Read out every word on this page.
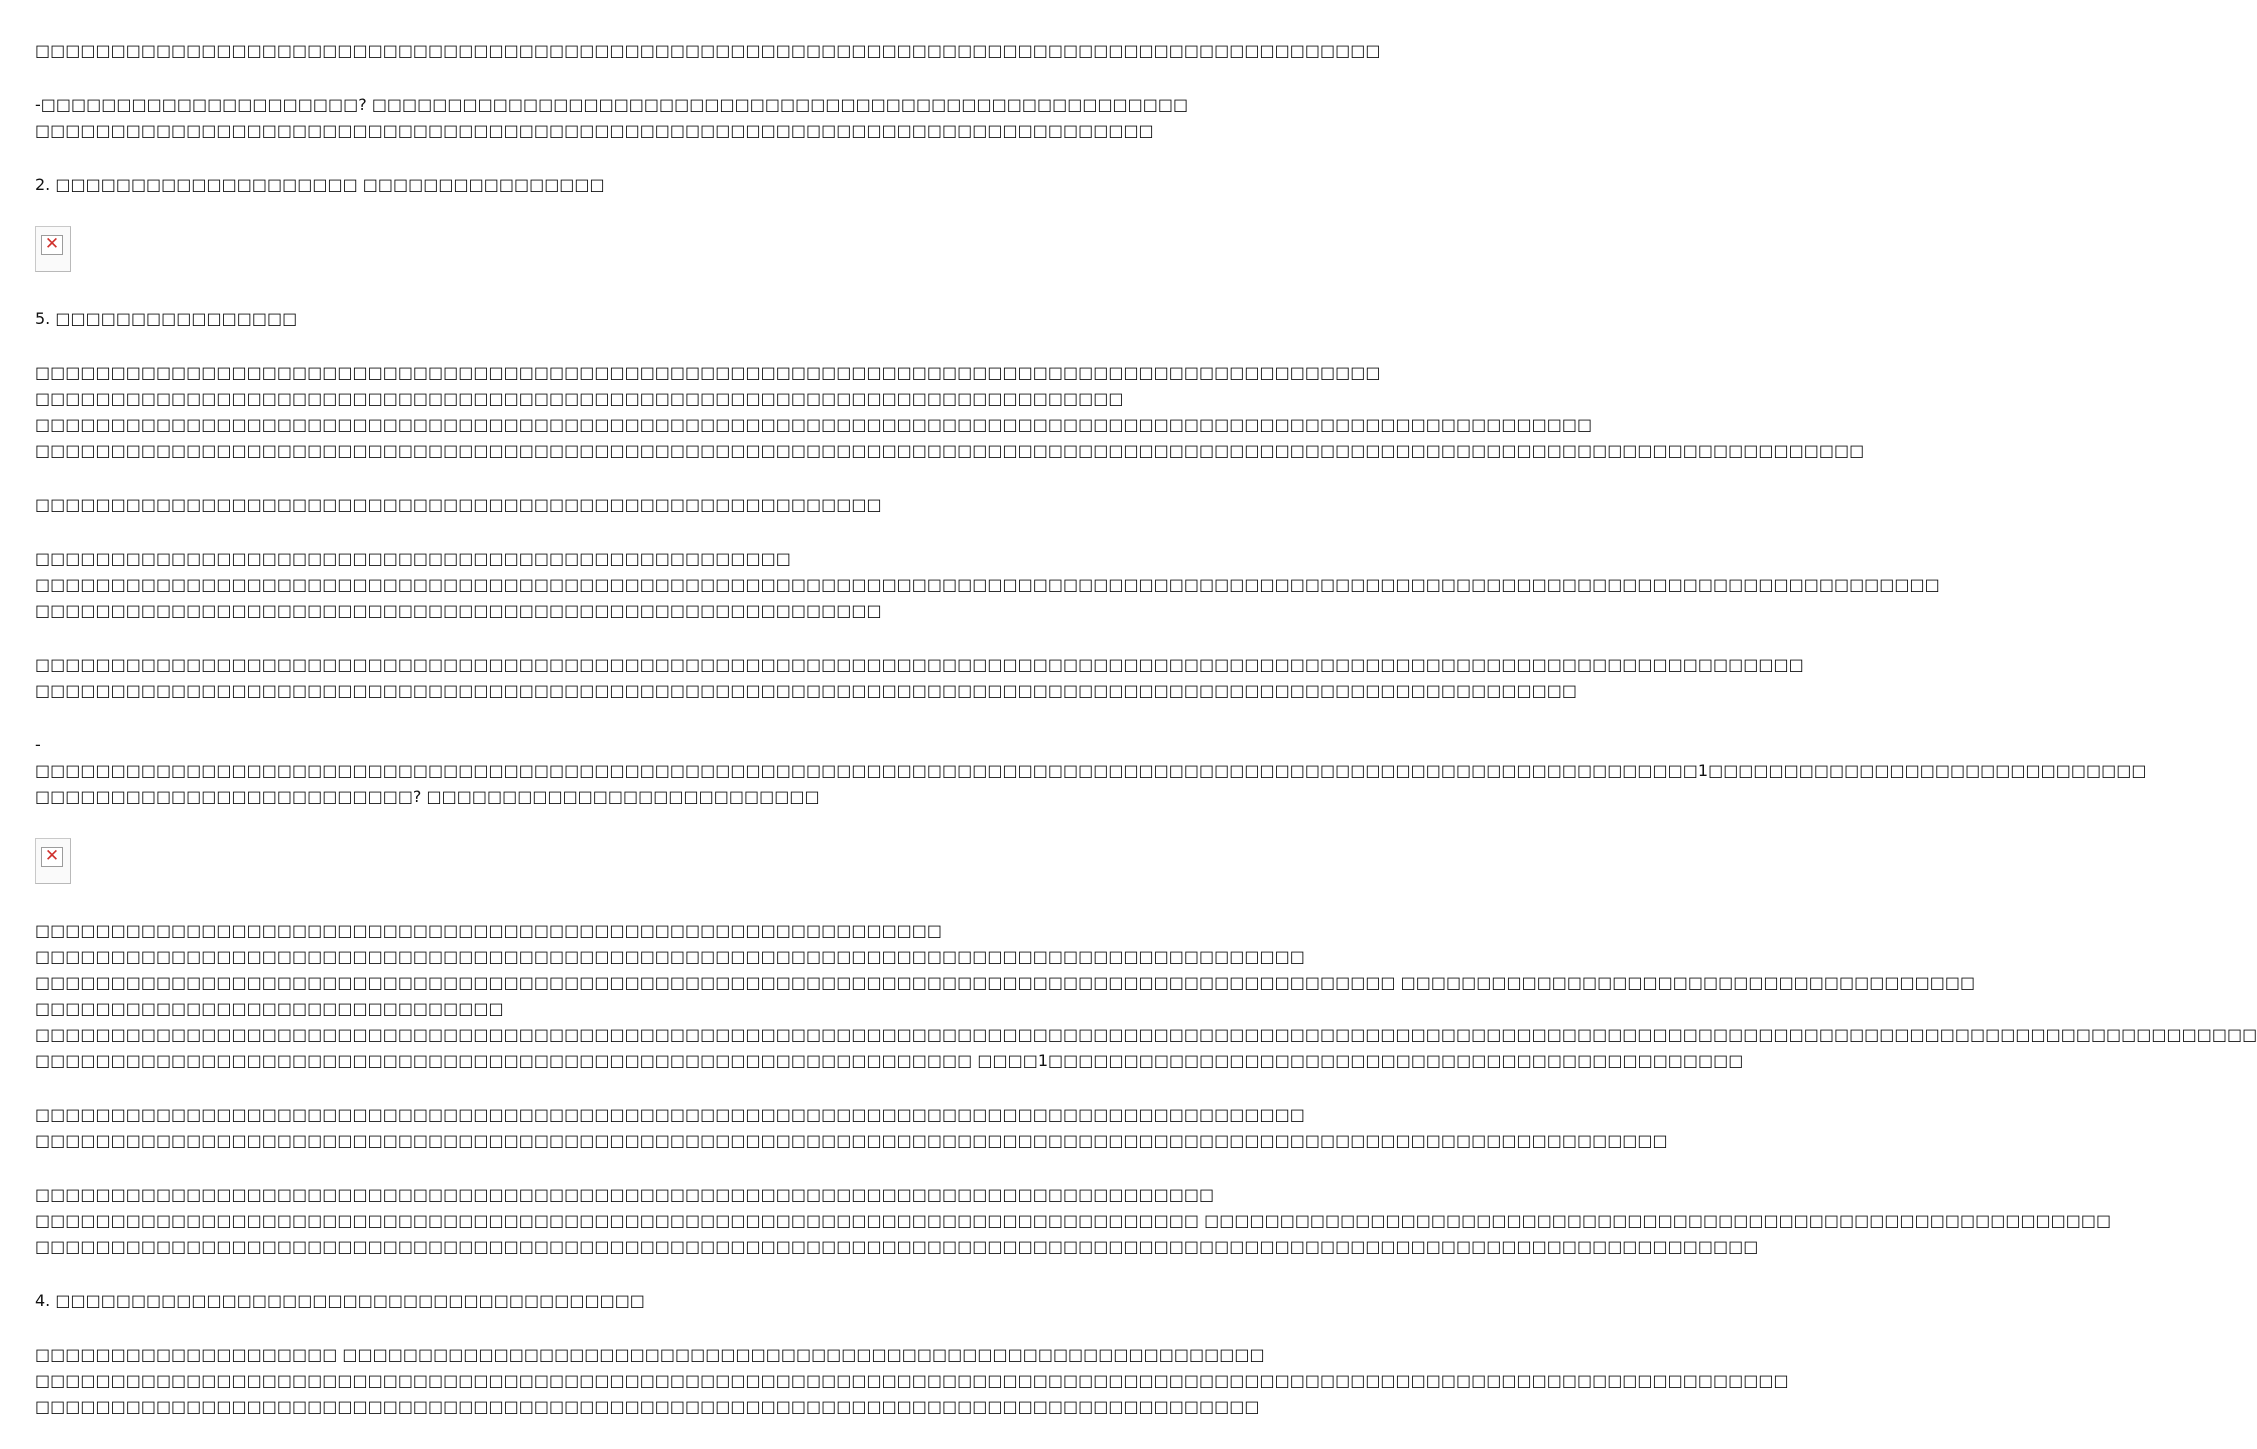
□□□□□□□□□□□□□□□□□□□□□□□□□□□□□□□□□□□□□□□□□□□□□□□□□□□□□□□□□□□□□□□□□□□□□□□□□□□□□□□□□□□□□□□□□
-□□□□□□□□□□□□□□□□□□□□□? □□□□□□□□□□□□□□□□□□□□□□□□□□□□□□□□□□□□□□□□□□□□□□□□□□□□□□
□□□□□□□□□□□□□□□□□□□□□□□□□□□□□□□□□□□□□□□□□□□□□□□□□□□□□□□□□□□□□□□□□□□□□□□□□□
2. □□□□□□□□□□□□□□□□□□□□ □□□□□□□□□□□□□□□□
✕
5. □□□□□□□□□□□□□□□□
□□□□□□□□□□□□□□□□□□□□□□□□□□□□□□□□□□□□□□□□□□□□□□□□□□□□□□□□□□□□□□□□□□□□□□□□□□□□□□□□□□□□□□□□□
□□□□□□□□□□□□□□□□□□□□□□□□□□□□□□□□□□□□□□□□□□□□□□□□□□□□□□□□□□□□□□□□□□□□□□□□
□□□□□□□□□□□□□□□□□□□□□□□□□□□□□□□□□□□□□□□□□□□□□□□□□□□□□□□□□□□□□□□□□□□□□□□□□□□□□□□□□□□□□□□□□□□□□□□□□□□□□□□
□□□□□□□□□□□□□□□□□□□□□□□□□□□□□□□□□□□□□□□□□□□□□□□□□□□□□□□□□□□□□□□□□□□□□□□□□□□□□□□□□□□□□□□□□□□□□□□□□□□□□□□□□□□□□□□□□□□□□□□□□
□□□□□□□□□□□□□□□□□□□□□□□□□□□□□□□□□□□□□□□□□□□□□□□□□□□□□□□□
□□□□□□□□□□□□□□□□□□□□□□□□□□□□□□□□□□□□□□□□□□□□□□□□□□
□□□□□□□□□□□□□□□□□□□□□□□□□□□□□□□□□□□□□□□□□□□□□□□□□□□□□□□□□□□□□□□□□□□□□□□□□□□□□□□□□□□□□□□□□□□□□□□□□□□□□□□□□□□□□□□□□□□□□□□□□□□□□□
□□□□□□□□□□□□□□□□□□□□□□□□□□□□□□□□□□□□□□□□□□□□□□□□□□□□□□□□
□□□□□□□□□□□□□□□□□□□□□□□□□□□□□□□□□□□□□□□□□□□□□□□□□□□□□□□□□□□□□□□□□□□□□□□□□□□□□□□□□□□□□□□□□□□□□□□□□□□□□□□□□□□□□□□□□□□□□
□□□□□□□□□□□□□□□□□□□□□□□□□□□□□□□□□□□□□□□□□□□□□□□□□□□□□□□□□□□□□□□□□□□□□□□□□□□□□□□□□□□□□□□□□□□□□□□□□□□□□□
-
□□□□□□□□□□□□□□□□□□□□□□□□□□□□□□□□□□□□□□□□□□□□□□□□□□□□□□□□□□□□□□□□□□□□□□□□□□□□□□□□□□□□□□□□□□□□□□□□□□□□□□□□□□□□□□1□□□□□□□□□□□□□□□□□□□□□□□□□□□□□
□□□□□□□□□□□□□□□□□□□□□□□□□? □□□□□□□□□□□□□□□□□□□□□□□□□□
✕
□□□□□□□□□□□□□□□□□□□□□□□□□□□□□□□□□□□□□□□□□□□□□□□□□□□□□□□□□□□□
□□□□□□□□□□□□□□□□□□□□□□□□□□□□□□□□□□□□□□□□□□□□□□□□□□□□□□□□□□□□□□□□□□□□□□□□□□□□□□□□□□□□
□□□□□□□□□□□□□□□□□□□□□□□□□□□□□□□□□□□□□□□□□□□□□□□□□□□□□□□□□□□□□□□□□□□□□□□□□□□□□□□□□□□□□□□□□□ □□□□□□□□□□□□□□□□□□□□□□□□□□□□□□□□□□□□□□
□□□□□□□□□□□□□□□□□□□□□□□□□□□□□□□
□□□□□□□□□□□□□□□□□□□□□□□□□□□□□□□□□□□□□□□□□□□□□□□□□□□□□□□□□□□□□□□□□□□□□□□□□□□□□□□□□□□□□□□□□□□□□□□□□□□□□□□□□□□□□□□□□□□□□□□□□□□□□□□□□□□□□□□□□□□□□□□□□□□
□□□□□□□□□□□□□□□□□□□□□□□□□□□□□□□□□□□□□□□□□□□□□□□□□□□□□□□□□□□□□□ □□□□1□□□□□□□□□□□□□□□□□□□□□□□□□□□□□□□□□□□□□□□□□□□□□□
□□□□□□□□□□□□□□□□□□□□□□□□□□□□□□□□□□□□□□□□□□□□□□□□□□□□□□□□□□□□□□□□□□□□□□□□□□□□□□□□□□□□
□□□□□□□□□□□□□□□□□□□□□□□□□□□□□□□□□□□□□□□□□□□□□□□□□□□□□□□□□□□□□□□□□□□□□□□□□□□□□□□□□□□□□□□□□□□□□□□□□□□□□□□□□□□□
□□□□□□□□□□□□□□□□□□□□□□□□□□□□□□□□□□□□□□□□□□□□□□□□□□□□□□□□□□□□□□□□□□□□□□□□□□□□□□
□□□□□□□□□□□□□□□□□□□□□□□□□□□□□□□□□□□□□□□□□□□□□□□□□□□□□□□□□□□□□□□□□□□□□□□□□□□□□ □□□□□□□□□□□□□□□□□□□□□□□□□□□□□□□□□□□□□□□□□□□□□□□□□□□□□□□□□□□□
□□□□□□□□□□□□□□□□□□□□□□□□□□□□□□□□□□□□□□□□□□□□□□□□□□□□□□□□□□□□□□□□□□□□□□□□□□□□□□□□□□□□□□□□□□□□□□□□□□□□□□□□□□□□□□□□□□
4. □□□□□□□□□□□□□□□□□□□□□□□□□□□□□□□□□□□□□□□
□□□□□□□□□□□□□□□□□□□□ □□□□□□□□□□□□□□□□□□□□□□□□□□□□□□□□□□□□□□□□□□□□□□□□□□□□□□□□□□□□□
□□□□□□□□□□□□□□□□□□□□□□□□□□□□□□□□□□□□□□□□□□□□□□□□□□□□□□□□□□□□□□□□□□□□□□□□□□□□□□□□□□□□□□□□□□□□□□□□□□□□□□□□□□□□□□□□□□□□
□□□□□□□□□□□□□□□□□□□□□□□□□□□□□□□□□□□□□□□□□□□□□□□□□□□□□□□□□□□□□□□□□□□□□□□□□□□□□□□□□
